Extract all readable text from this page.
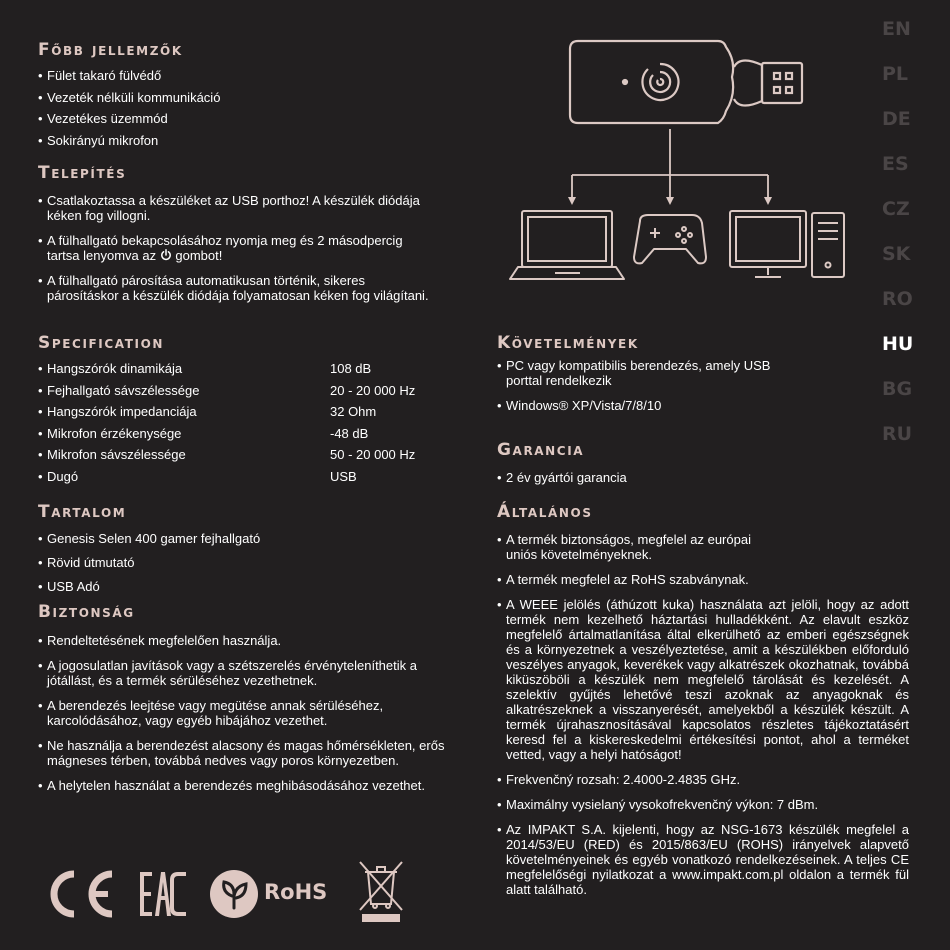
EN
PL
DE
ES
CZ
SK
RO
HU
BG
RU
Főbb jellemzők
• Fület takaró fülvédő
• Vezeték nélküli kommunikáció
• Vezetékes üzemmód
• Sokirányú mikrofon
Telepítés
• Csatlakoztassa a készüléket az USB porthoz! A készülék diódája
kéken fog villogni.
• A fülhallgató bekapcsolásához nyomja meg és 2 másodpercig
tartsa lenyomva az gombot!
• A fülhallgató párosítása automatikusan történik, sikeres
párosításkor a készülék diódája folyamatosan kéken fog világítani.
Specification
• Hangszórók dinamikája	108 dB
• Fejhallgató sávszélessége	20 - 20 000 Hz
• Hangszórók impedanciája	32 Ohm
• Mikrofon érzékenysége	-48 dB
• Mikrofon sávszélessége	50 - 20 000 Hz
• Dugó	USB
Tartalom
• Genesis Selen 400 gamer fejhallgató
• Rövid útmutató
• USB Adó
Biztonság
• Rendeltetésének megfelelően használja.
• A jogosulatlan javítások vagy a szétszerelés érvényteleníthetik a
jótállást, és a termék sérüléséhez vezethetnek.
• A berendezés leejtése vagy megütése annak sérüléséhez,
karcolódásához, vagy egyéb hibájához vezethet.
• Ne használja a berendezést alacsony és magas hőmérsékleten, erős
mágneses térben, továbbá nedves vagy poros környezetben.
• A helytelen használat a berendezés meghibásodásához vezethet.
Követelmények
• PC vagy kompatibilis berendezés, amely USB
porttal rendelkezik
• Windows® XP/Vista/7/8/10
Garancia
• 2 év gyártói garancia
Általános
• A termék biztonságos, megfelel az európai
uniós követelményeknek.
• A termék megfelel az RoHS szabványnak.
• A WEEE jelölés (áthúzott kuka) használata azt jelöli, hogy az adott termék nem kezelhető háztartási hulladékként. Az elavult eszköz megfelelő ártalmatlanítása által elkerülhető az emberi egészségnek és a környezetnek a veszélyeztetése, amit a készülékben előforduló veszélyes anyagok, keverékek vagy alkatrészek okozhatnak, továbbá kiküszöböli a készülék nem megfelelő tárolását és kezelését. A szelektív gyűjtés lehetővé teszi azoknak az anyagoknak és alkatrészeknek a visszanyerését, amelyekből a készülék készült. A termék újrahasznosításával kapcsolatos részletes tájékoztatásért keresd fel a kiskereskedelmi értékesítési pontot, ahol a terméket vetted, vagy a helyi hatóságot!
• Frekvenčný rozsah: 2.4000-2.4835 GHz.
• Maximálny vysielaný vysokofrekvenčný výkon: 7 dBm.
• Az IMPAKT S.A. kijelenti, hogy az NSG-1673 készülék megfelel a 2014/53/EU (RED) és 2015/863/EU (ROHS) irányelvek alapvető követelményeinek és egyéb vonatkozó rendelkezéseinek. A teljes CE megfelelőségi nyilatkozat a www.impakt.com.pl oldalon a termék fül alatt található.
CE	RoHS
